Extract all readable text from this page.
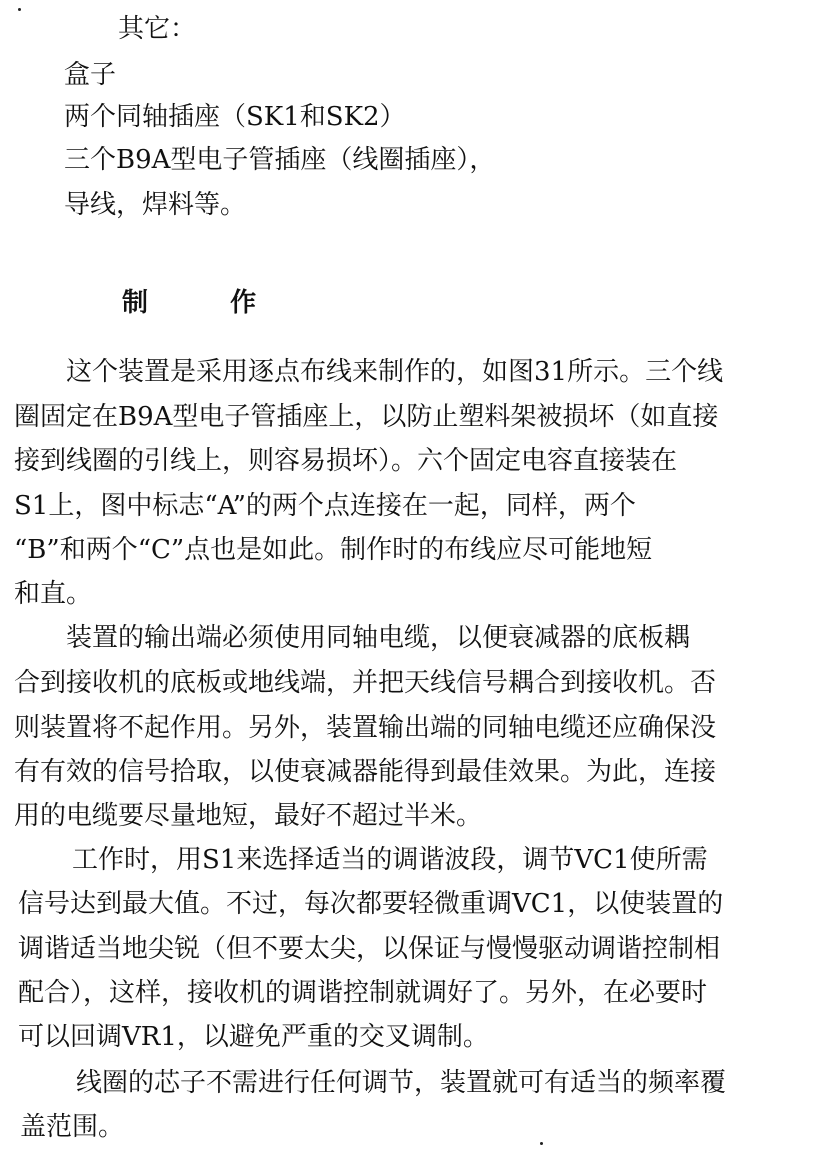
其它：
盒子
两个同轴插座（SK1和SK2）
三个B9A型电子管插座（线圈插座），
导线，焊料等。
制	作
这个装置是采用逐点布线来制作的，如图31所示。三个线
圈固定在B9A型电子管插座上，以防止塑料架被损坏（如直接
接到线圈的引线上，则容易损坏）。六个固定电容直接装在
S1上，图中标志“A”的两个点连接在一起，同样，两个
“B”和两个“C”点也是如此。制作时的布线应尽可能地短
和直。
装置的输出端必须使用同轴电缆，以便衰减器的底板耦
合到接收机的底板或地线端，并把天线信号耦合到接收机。否
则装置将不起作用。另外，装置输出端的同轴电缆还应确保没
有有效的信号拾取，以使衰减器能得到最佳效果。为此，连接
用的电缆要尽量地短，最好不超过半米。
工作时，用S1来选择适当的调谐波段，调节VC1使所需
信号达到最大值。不过，每次都要轻微重调VC1，以使装置的
调谐适当地尖锐（但不要太尖，以保证与慢慢驱动调谐控制相
配合），这样，接收机的调谐控制就调好了。另外，在必要时
可以回调VR1，以避免严重的交叉调制。
线圈的芯子不需进行任何调节，装置就可有适当的频率覆
盖范围。
